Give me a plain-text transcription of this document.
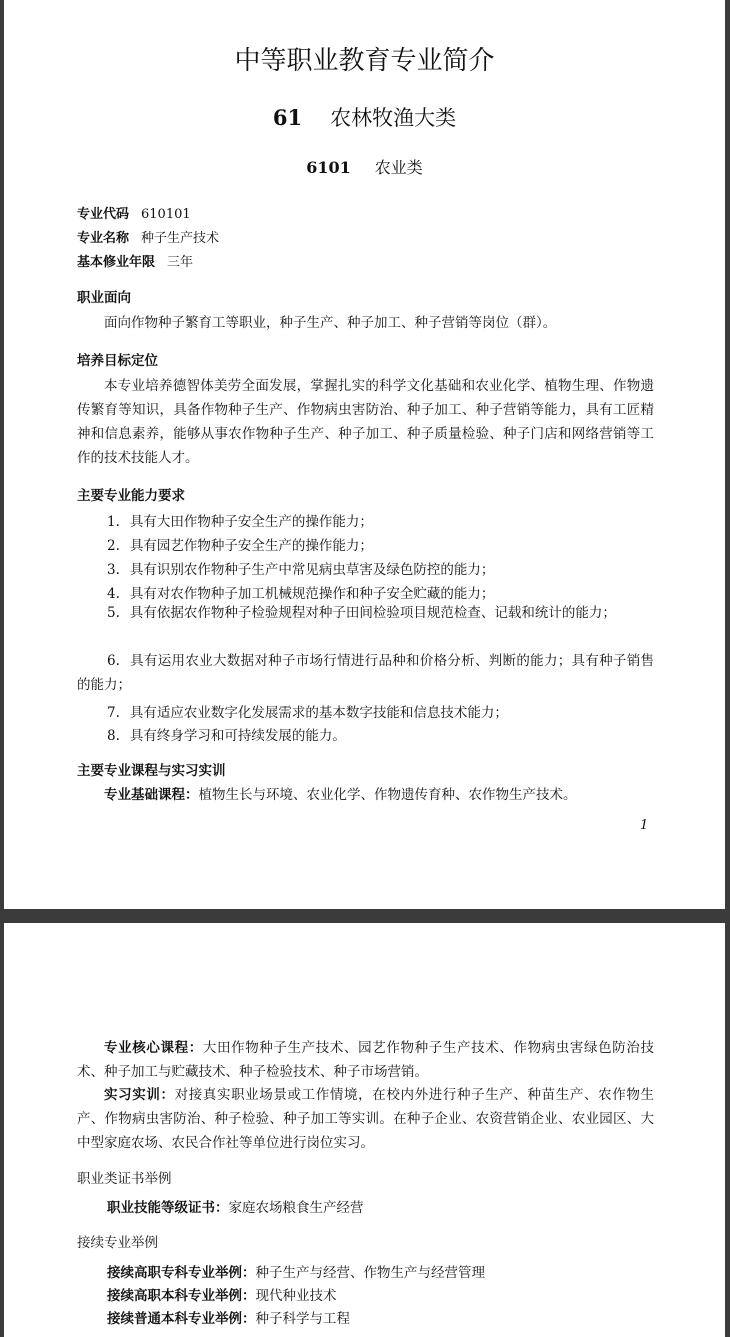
中等职业教育专业简介
61 农林牧渔大类
6101 农业类
专业代码 610101
专业名称 种子生产技术
基本修业年限 三年
职业面向
面向作物种子繁育工等职业，种子生产、种子加工、种子营销等岗位（群）。
培养目标定位
本专业培养德智体美劳全面发展，掌握扎实的科学文化基础和农业化学、植物生理、作物遗传繁育等知识，具备作物种子生产、作物病虫害防治、种子加工、种子营销等能力，具有工匠精神和信息素养，能够从事农作物种子生产、种子加工、种子质量检验、种子门店和网络营销等工作的技术技能人才。
主要专业能力要求
1. 具有大田作物种子安全生产的操作能力；
2. 具有园艺作物种子安全生产的操作能力；
3. 具有识别农作物种子生产中常见病虫草害及绿色防控的能力；
4. 具有对农作物种子加工机械规范操作和种子安全贮藏的能力；
5. 具有依据农作物种子检验规程对种子田间检验项目规范检查、记载和统计的能力；
6. 具有运用农业大数据对种子市场行情进行品种和价格分析、判断的能力；具有种子销售的能力；
7. 具有适应农业数字化发展需求的基本数字技能和信息技术能力；
8. 具有终身学习和可持续发展的能力。
主要专业课程与实习实训
专业基础课程：植物生长与环境、农业化学、作物遗传育种、农作物生产技术。
1
专业核心课程：大田作物种子生产技术、园艺作物种子生产技术、作物病虫害绿色防治技术、种子加工与贮藏技术、种子检验技术、种子市场营销。
实习实训：对接真实职业场景或工作情境，在校内外进行种子生产、种苗生产、农作物生产、作物病虫害防治、种子检验、种子加工等实训。在种子企业、农资营销企业、农业园区、大中型家庭农场、农民合作社等单位进行岗位实习。
职业类证书举例
职业技能等级证书：家庭农场粮食生产经营
接续专业举例
接续高职专科专业举例：种子生产与经营、作物生产与经营管理
接续高职本科专业举例：现代种业技术
接续普通本科专业举例：种子科学与工程
